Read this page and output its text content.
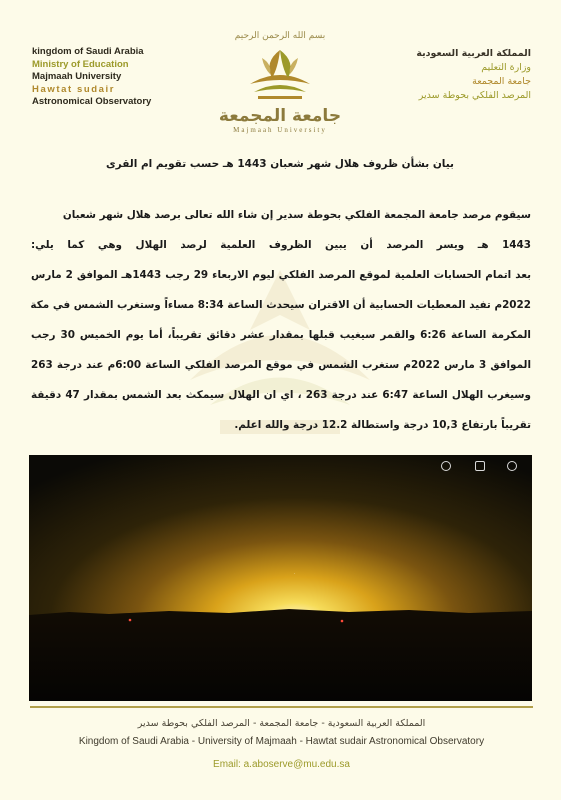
kingdom of Saudi Arabia
Ministry of Education
Majmaah University
Hawtat sudair
Astronomical Observatory
بسم الله الرحمن الرحيم
جامعة المجمعة
Majmaah University
المملكة العربية السعودية
وزارة التعليم
جامعة المجمعة
المرصد الفلكي بحوطة سدير
بيان بشأن ظروف هلال شهر شعبان 1443 هـ حسب تقويم ام القرى
سيقوم مرصد جامعة المجمعة الفلكي بحوطة سدير إن شاء الله تعالى برصد هلال شهر شعبان
1443 هـ ويسر المرصد أن يبين الظروف العلمية لرصد الهلال وهي كما يلي:
بعد اتمام الحسابات العلمية لموقع المرصد الفلكي ليوم الاربعاء 29 رجب 1443هـ الموافق 2 مارس
2022م تفيد المعطيات الحسابية أن الاقتران سيحدث الساعة 8:34 مساءاً وستغرب الشمس في مكة
المكرمة الساعة 6:26 والقمر سيغيب قبلها بمقدار عشر دقائق تقريباً، أما يوم الخميس 30 رجب
الموافق 3 مارس 2022م ستغرب الشمس في موقع المرصد الفلكي الساعة 6:00م عند درجة 263
وسيغرب الهلال الساعة 6:47 عند درجة 263 ، اي ان الهلال سيمكث بعد الشمس بمقدار 47 دقيقة
تقريباً بارتفاع 10,3 درجة واستطالة 12.2 درجة والله اعلم.
·
المملكة العربية السعودية - جامعة المجمعة - المرصد الفلكي بحوطة سدير
Kingdom of Saudi Arabia - University of Majmaah - Hawtat sudair Astronomical Observatory
Email: a.aboserve@mu.edu.sa
